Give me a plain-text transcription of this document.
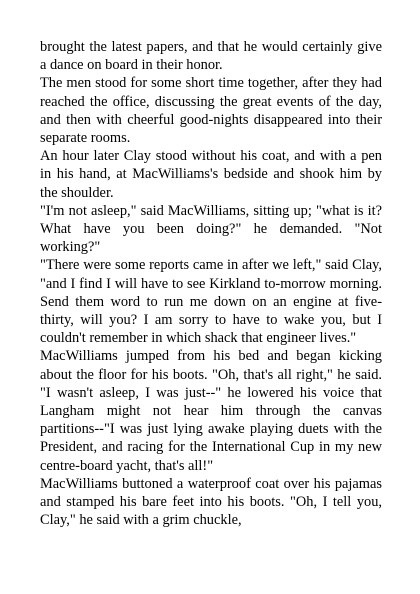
brought the latest papers, and that he would certainly give a dance on board in their honor.

The men stood for some short time together, after they had reached the office, discussing the great events of the day, and then with cheerful good-nights disappeared into their separate rooms.

An hour later Clay stood without his coat, and with a pen in his hand, at MacWilliams's bedside and shook him by the shoulder.

"I'm not asleep," said MacWilliams, sitting up; "what is it? What have you been doing?" he demanded. "Not working?"

"There were some reports came in after we left," said Clay, "and I find I will have to see Kirkland to-morrow morning. Send them word to run me down on an engine at five-thirty, will you? I am sorry to have to wake you, but I couldn't remember in which shack that engineer lives."

MacWilliams jumped from his bed and began kicking about the floor for his boots. "Oh, that's all right," he said. "I wasn't asleep, I was just--" he lowered his voice that Langham might not hear him through the canvas partitions--"I was just lying awake playing duets with the President, and racing for the International Cup in my new centre-board yacht, that's all!"

MacWilliams buttoned a waterproof coat over his pajamas and stamped his bare feet into his boots. "Oh, I tell you, Clay," he said with a grim chuckle,
